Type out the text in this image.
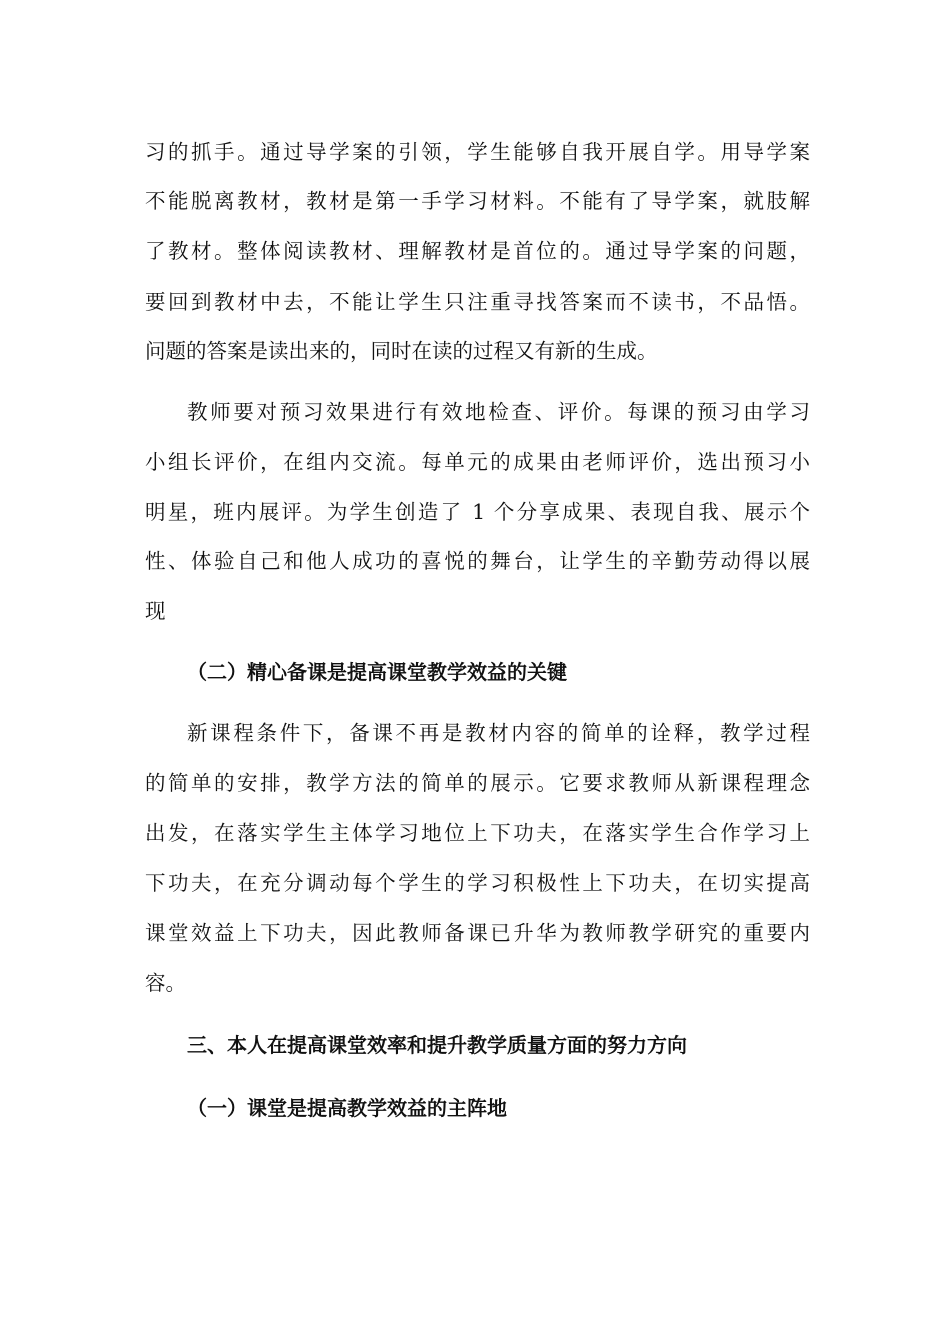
习的抓手。通过导学案的引领，学生能够自我开展自学。用导学案
不能脱离教材，教材是第一手学习材料。不能有了导学案，就肢解
了教材。整体阅读教材、理解教材是首位的。通过导学案的问题，
要回到教材中去，不能让学生只注重寻找答案而不读书，不品悟。
问题的答案是读出来的，同时在读的过程又有新的生成。
教师要对预习效果进行有效地检查、评价。每课的预习由学习
小组长评价，在组内交流。每单元的成果由老师评价，选出预习小
明星，班内展评。为学生创造了 1 个分享成果、表现自我、展示个
性、体验自己和他人成功的喜悦的舞台，让学生的辛勤劳动得以展
现
（二）精心备课是提高课堂教学效益的关键
新课程条件下，备课不再是教材内容的简单的诠释，教学过程
的简单的安排，教学方法的简单的展示。它要求教师从新课程理念
出发，在落实学生主体学习地位上下功夫，在落实学生合作学习上
下功夫，在充分调动每个学生的学习积极性上下功夫，在切实提高
课堂效益上下功夫，因此教师备课已升华为教师教学研究的重要内
容。
三、本人在提高课堂效率和提升教学质量方面的努力方向
（一）课堂是提高教学效益的主阵地
